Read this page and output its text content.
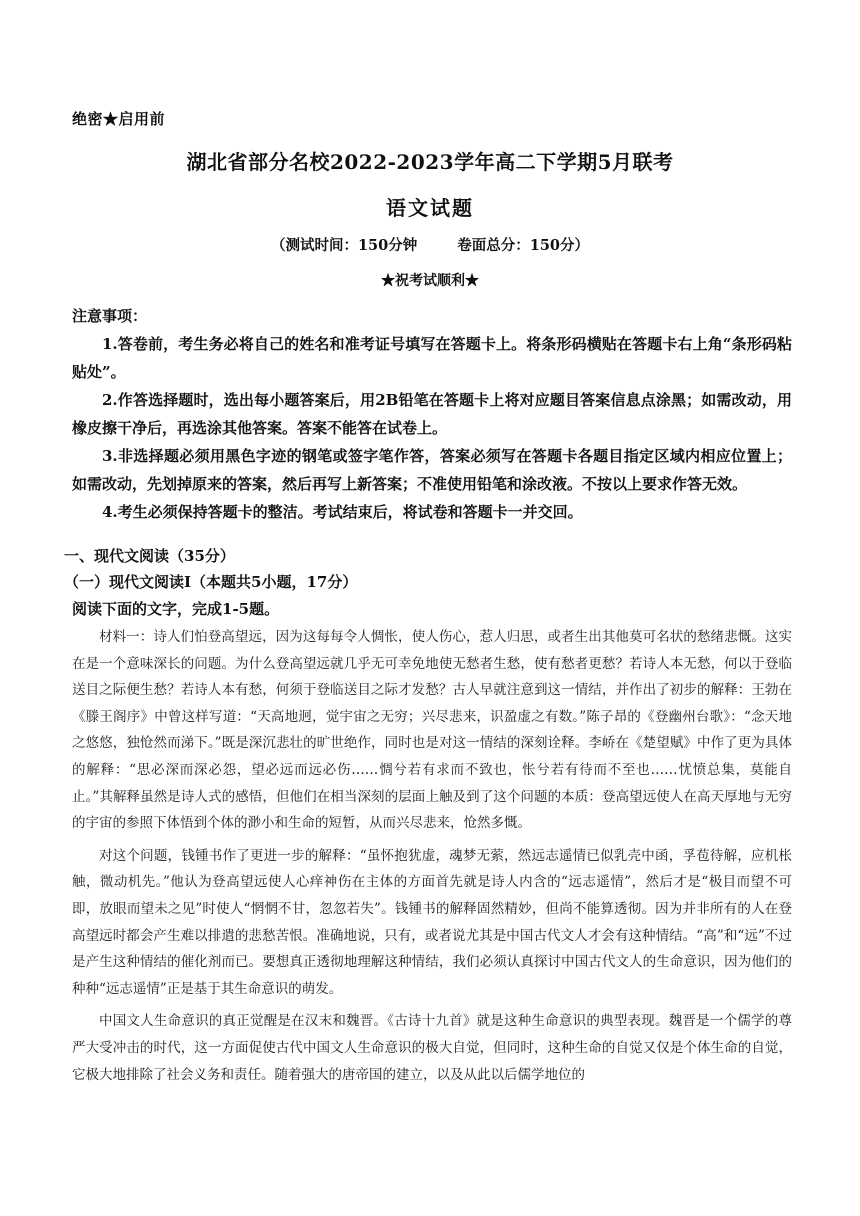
绝密★启用前
湖北省部分名校2022-2023学年高二下学期5月联考
语文试题
（测试时间：150分钟	卷面总分：150分）
★祝考试顺利★

注意事项：

1.答卷前，考生务必将自己的姓名和准考证号填写在答题卡上。将条形码横贴在答题卡右上角“条形码粘贴处”。

2.作答选择题时，选出每小题答案后，用2B铅笔在答题卡上将对应题目答案信息点涂黑；如需改动，用橡皮擦干净后，再选涂其他答案。答案不能答在试卷上。

3.非选择题必须用黑色字迹的钢笔或签字笔作答，答案必须写在答题卡各题目指定区域内相应位置上；如需改动，先划掉原来的答案，然后再写上新答案；不准使用铅笔和涂改液。不按以上要求作答无效。

4.考生必须保持答题卡的整洁。考试结束后，将试卷和答题卡一并交回。

一、现代文阅读（35分）
（一）现代文阅读Ⅰ（本题共5小题，17分）
阅读下面的文字，完成1-5题。

材料一：诗人们怕登高望远，因为这每每令人惆怅，使人伤心，惹人归思，或者生出其他莫可名状的愁绪悲慨。这实在是一个意味深长的问题。为什么登高望远就几乎无可幸免地使无愁者生愁，使有愁者更愁？若诗人本无愁，何以于登临送目之际便生愁？若诗人本有愁，何须于登临送目之际才发愁？古人早就注意到这一情结，并作出了初步的解释：王勃在《滕王阁序》中曾这样写道：“天高地迥，觉宇宙之无穷；兴尽悲来，识盈虚之有数。”陈子昂的《登幽州台歌》：“念天地之悠悠，独怆然而涕下。”既是深沉悲壮的旷世绝作，同时也是对这一情结的深刻诠释。李峤在《楚望赋》中作了更为具体的解释：“思必深而深必怨，望必远而远必伤……惆兮若有求而不致也，怅兮若有待而不至也……忧愤总集，莫能自止。”其解释虽然是诗人式的感悟，但他们在相当深刻的层面上触及到了这个问题的本质：登高望远使人在高天厚地与无穷的宇宙的参照下体悟到个体的渺小和生命的短暂，从而兴尽悲来，怆然多慨。

对这个问题，钱锺书作了更进一步的解释：“虽怀抱犹虚，魂梦无萦，然远志遥情已似乳壳中函，孚苞待解，应机枨触，微动机先。”他认为登高望远使人心痒神伤在主体的方面首先就是诗人内含的“远志遥情”，然后才是“极目而望不可即，放眼而望未之见”时使人“惘惘不甘，忽忽若失”。钱锺书的解释固然精妙，但尚不能算透彻。因为并非所有的人在登高望远时都会产生难以排遣的悲愁苦恨。准确地说，只有，或者说尤其是中国古代文人才会有这种情结。“高”和“远”不过是产生这种情结的催化剂而已。要想真正透彻地理解这种情结，我们必须认真探讨中国古代文人的生命意识，因为他们的种种“远志遥情”正是基于其生命意识的萌发。

中国文人生命意识的真正觉醒是在汉末和魏晋。《古诗十九首》就是这种生命意识的典型表现。魏晋是一个儒学的尊严大受冲击的时代，这一方面促使古代中国文人生命意识的极大自觉，但同时，这种生命的自觉又仅是个体生命的自觉，它极大地排除了社会义务和责任。随着强大的唐帝国的建立，以及从此以后儒学地位的
